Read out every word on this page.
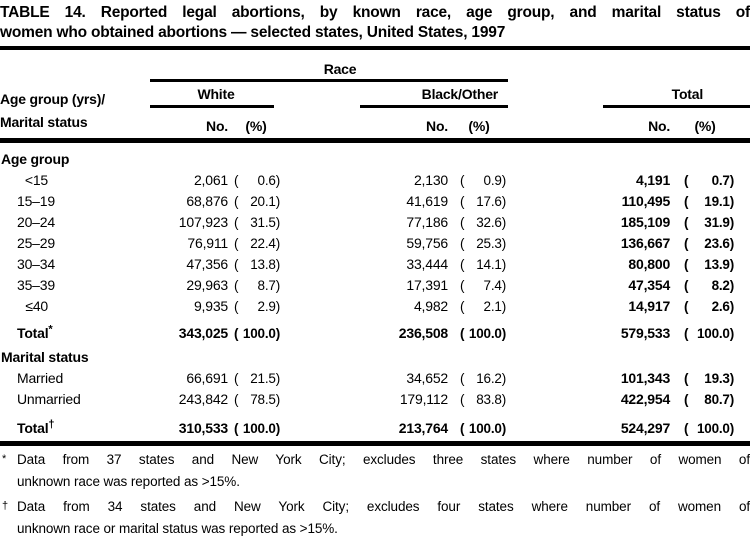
TABLE 14. Reported legal abortions, by known race, age group, and marital status of
women who obtained abortions — selected states, United States, 1997
	Race						

Age group (yrs)/
Marital status	White		Black/Other		Total		

	No.	(%)	No.	(%)	No.	(%)	
Age group							
<15	2,061	( 0.6)	2,130	( 0.9)	4,191	( 0.7)	

15–19	68,876	( 20.1)	41,619	( 17.6)	110,495	( 19.1)	

20–24	107,923	( 31.5)	77,186	( 32.6)	185,109	( 31.9)	

25–29	76,911	( 22.4)	59,756	( 25.3)	136,667	( 23.6)	

30–34	47,356	( 13.8)	33,444	( 14.1)	80,800	( 13.9)	

35–39	29,963	( 8.7)	17,391	( 7.4)	47,354	( 8.2)	

≤40	9,935	( 2.9)	4,982	( 2.1)	14,917	( 2.6)	

Total*	343,025	( 100.0)	236,508	( 100.0)	579,533	( 100.0)	

Marital status							
Married	66,691	( 21.5)	34,652	( 16.2)	101,343	( 19.3)	

Unmarried	243,842	( 78.5)	179,112	( 83.8)	422,954	( 80.7)	

Total†	310,533	( 100.0)	213,764	( 100.0)	524,297	( 100.0)	

* Data from 37 states and New York City; excludes three states where number of women of
unknown race was reported as >15%.
† Data from 34 states and New York City; excludes four states where number of women of
unknown race or marital status was reported as >15%.
